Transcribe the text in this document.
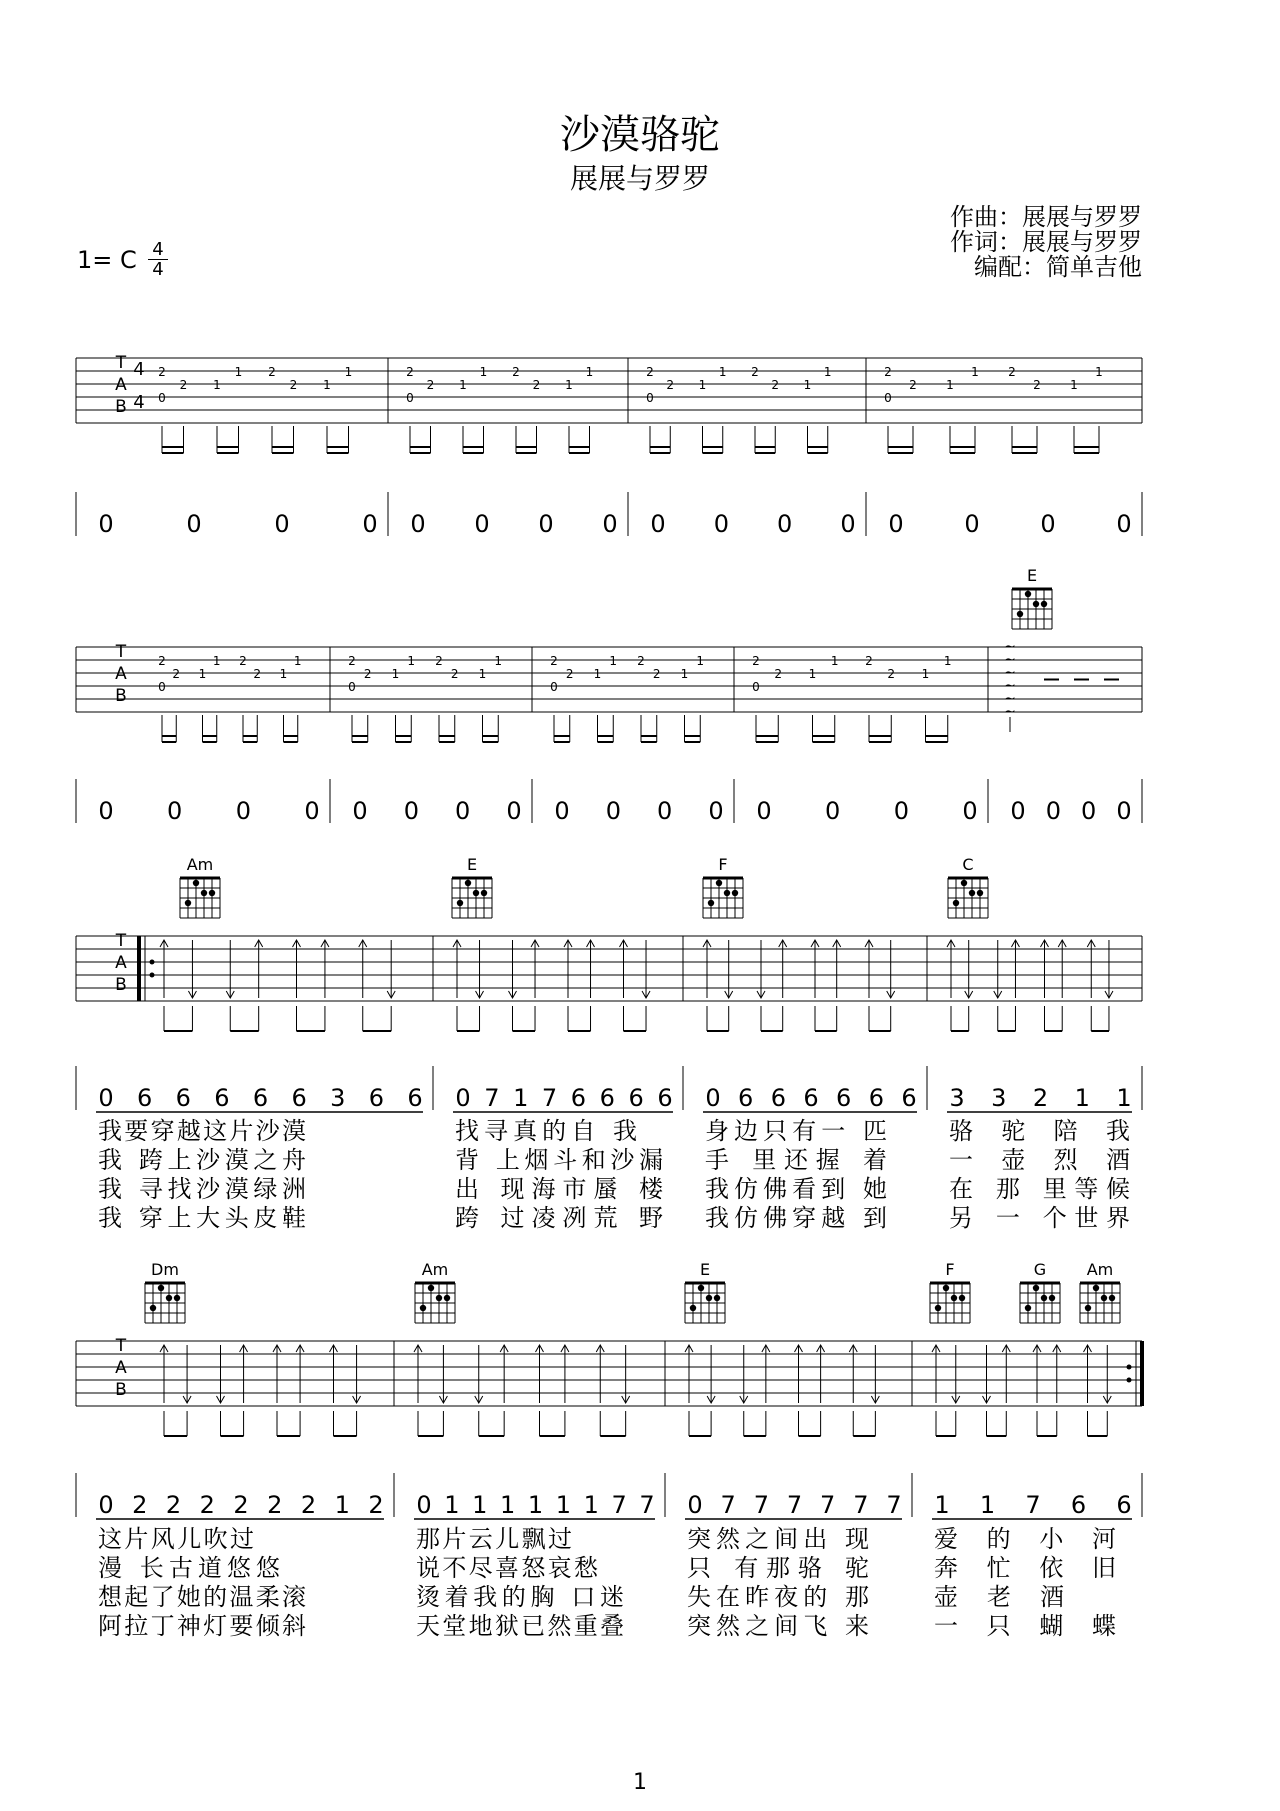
沙漠骆驼
展展与罗罗
作曲：展展与罗罗
作词：展展与罗罗
编配：简单吉他
1= C 4
4
T
A
B
4
4
2
0
2 1
1 2
2 1
1	2
0
2 1
1 2
2 1
1	2
0
2 1
1 2
2 1
1	2
0
2 1
1 2
2 1
1
0	0	0	0 0 0 0 0 0 0 0 0 0	0	0	0
T
A
B
2
0
2 1
1 2
2 1
1	2
0
2 1
1 2
2 1
1	2
0
2 1
1 2
2 1
1	2
0
2 1
1 2
2 1
1
~
~
~
~
~
~
0 0 0 0 0 0 0 0 0 0 0 0 0 0 0 0 0 0 0 0
E
T
A
B
0 6 6 6 6 6 3 6 6 0 7 1 7 6 6 6 6 0 6 6 6 6 6 6 3 3 2 1 1
我要穿越这片沙漠	找寻真的自 我	身边只有一 匹	骆 驼 陪 我
我 跨上沙漠之舟	背 上烟斗和沙漏 手 里还握 着	一 壶 烈 酒
我 寻找沙漠绿洲	出 现海市蜃 楼 我仿佛看到 她	在 那 里等候
我 穿上大头皮鞋	跨 过凌冽荒 野 我仿佛穿越 到	另 一 个世界
Am	E	F	C
T
A
B
0 2 2 2 2 2 2 1 2 0 1 1 1 1 1 1 7 7 0 7 7 7 7 7 7 1 1 7 6 6
这片风儿吹过	那片云儿飘过	突然之间出 现	爱 的 小 河
漫 长古道悠悠	说不尽喜怒哀愁	只 有那骆 驼	奔 忙 依 旧
想起了她的温柔滚	烫着我的胸 口迷	失在昨夜的 那	壶 老 酒
阿拉丁神灯要倾斜	天堂地狱已然重叠	突然之间飞 来	一 只 蝴 蝶
Dm	Am	E	F	G	Am
1
